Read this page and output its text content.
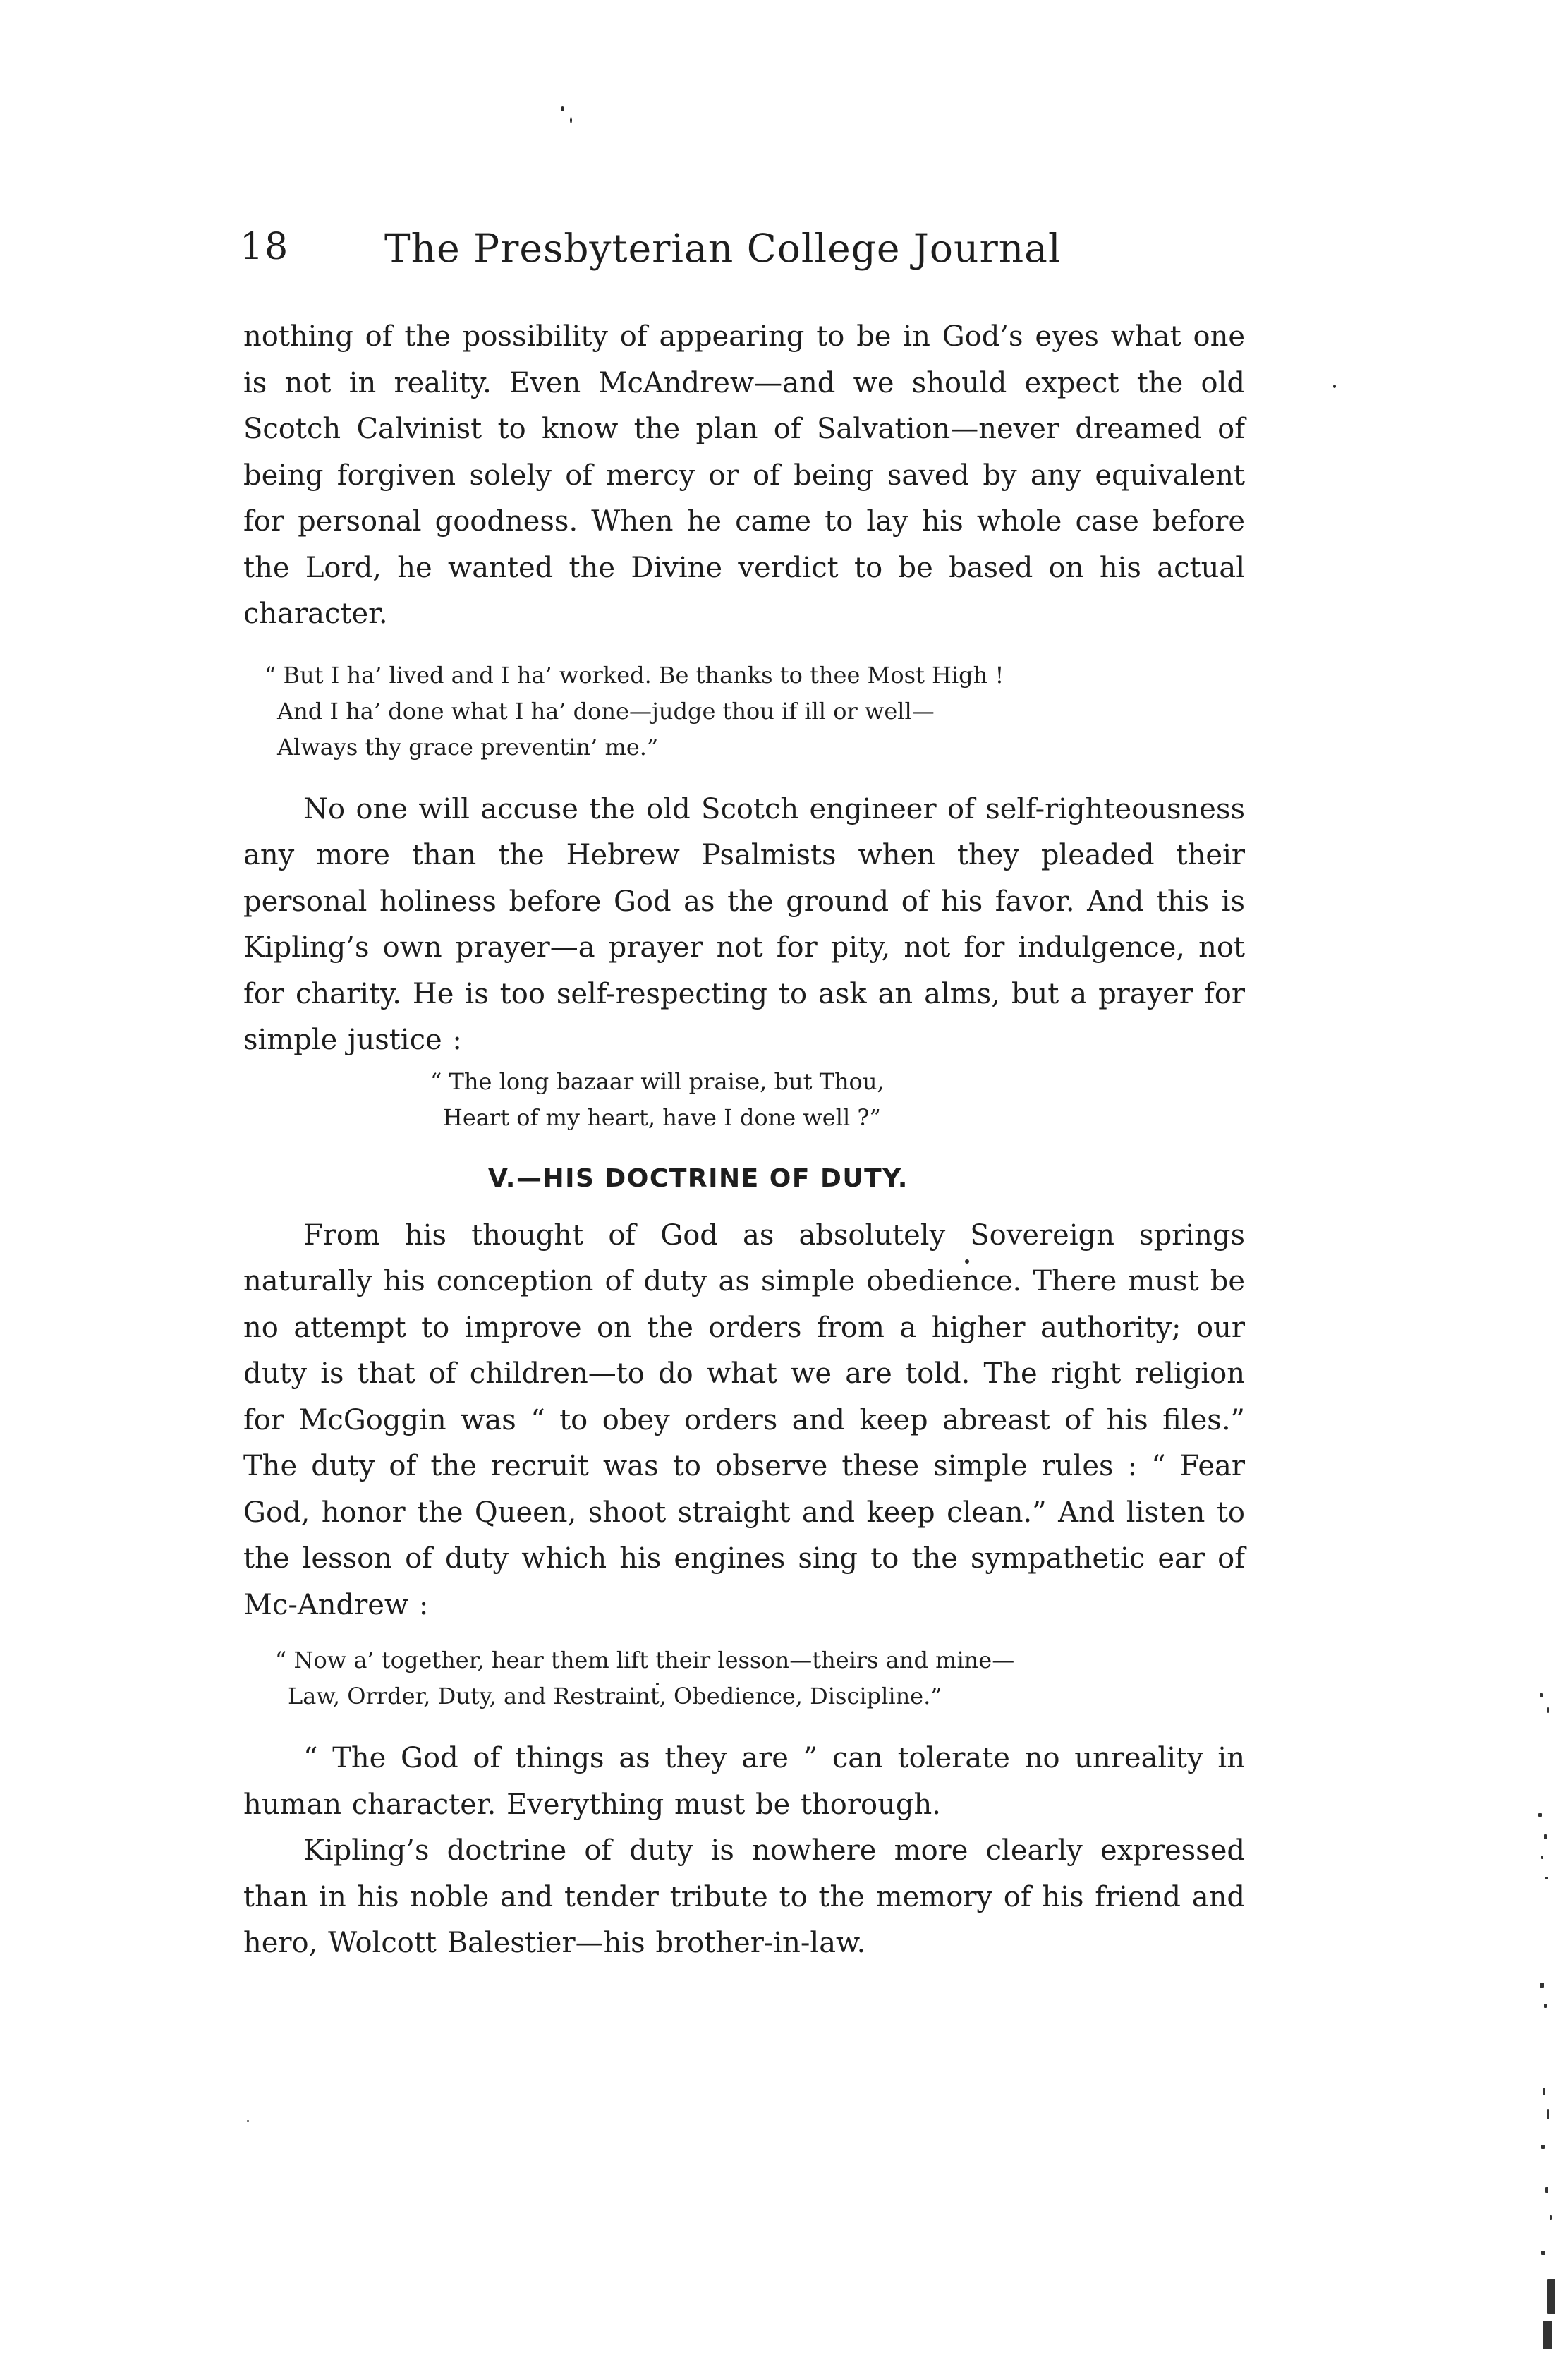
18 The Presbyterian College Journal

nothing of the possibility of appearing to be in God’s eyes what one is not in reality. Even McAndrew—and we should expect the old Scotch Calvinist to know the plan of Salvation—never dreamed of being forgiven solely of mercy or of being saved by any equivalent for personal goodness. When he came to lay his whole case before the Lord, he wanted the Divine verdict to be based on his actual character.

“ But I ha’ lived and I ha’ worked. Be thanks to thee Most High !
And I ha’ done what I ha’ done—judge thou if ill or well—
Always thy grace preventin’ me.”

No one will accuse the old Scotch engineer of self-righteousness any more than the Hebrew Psalmists when they pleaded their personal holiness before God as the ground of his favor. And this is Kipling’s own prayer—a prayer not for pity, not for indulgence, not for charity. He is too self-respecting to ask an alms, but a prayer for simple justice :

“ The long bazaar will praise, but Thou,
Heart of my heart, have I done well ?”
V.—HIS DOCTRINE OF DUTY.

From his thought of God as absolutely Sovereign springs naturally his conception of duty as simple obedience. There must be no attempt to improve on the orders from a higher authority; our duty is that of children—to do what we are told. The right religion for McGoggin was “ to obey orders and keep abreast of his files.” The duty of the recruit was to observe these simple rules : “ Fear God, honor the Queen, shoot straight and keep clean.” And listen to the lesson of duty which his engines sing to the sympathetic ear of Mc-Andrew :

“ Now a’ together, hear them lift their lesson—theirs and mine—
Law, Orrder, Duty, and Restraint, Obedience, Discipline.”

“ The God of things as they are ” can tolerate no unreality in human character. Everything must be thorough.

Kipling’s doctrine of duty is nowhere more clearly expressed than in his noble and tender tribute to the memory of his friend and hero, Wolcott Balestier—his brother-in-law.
